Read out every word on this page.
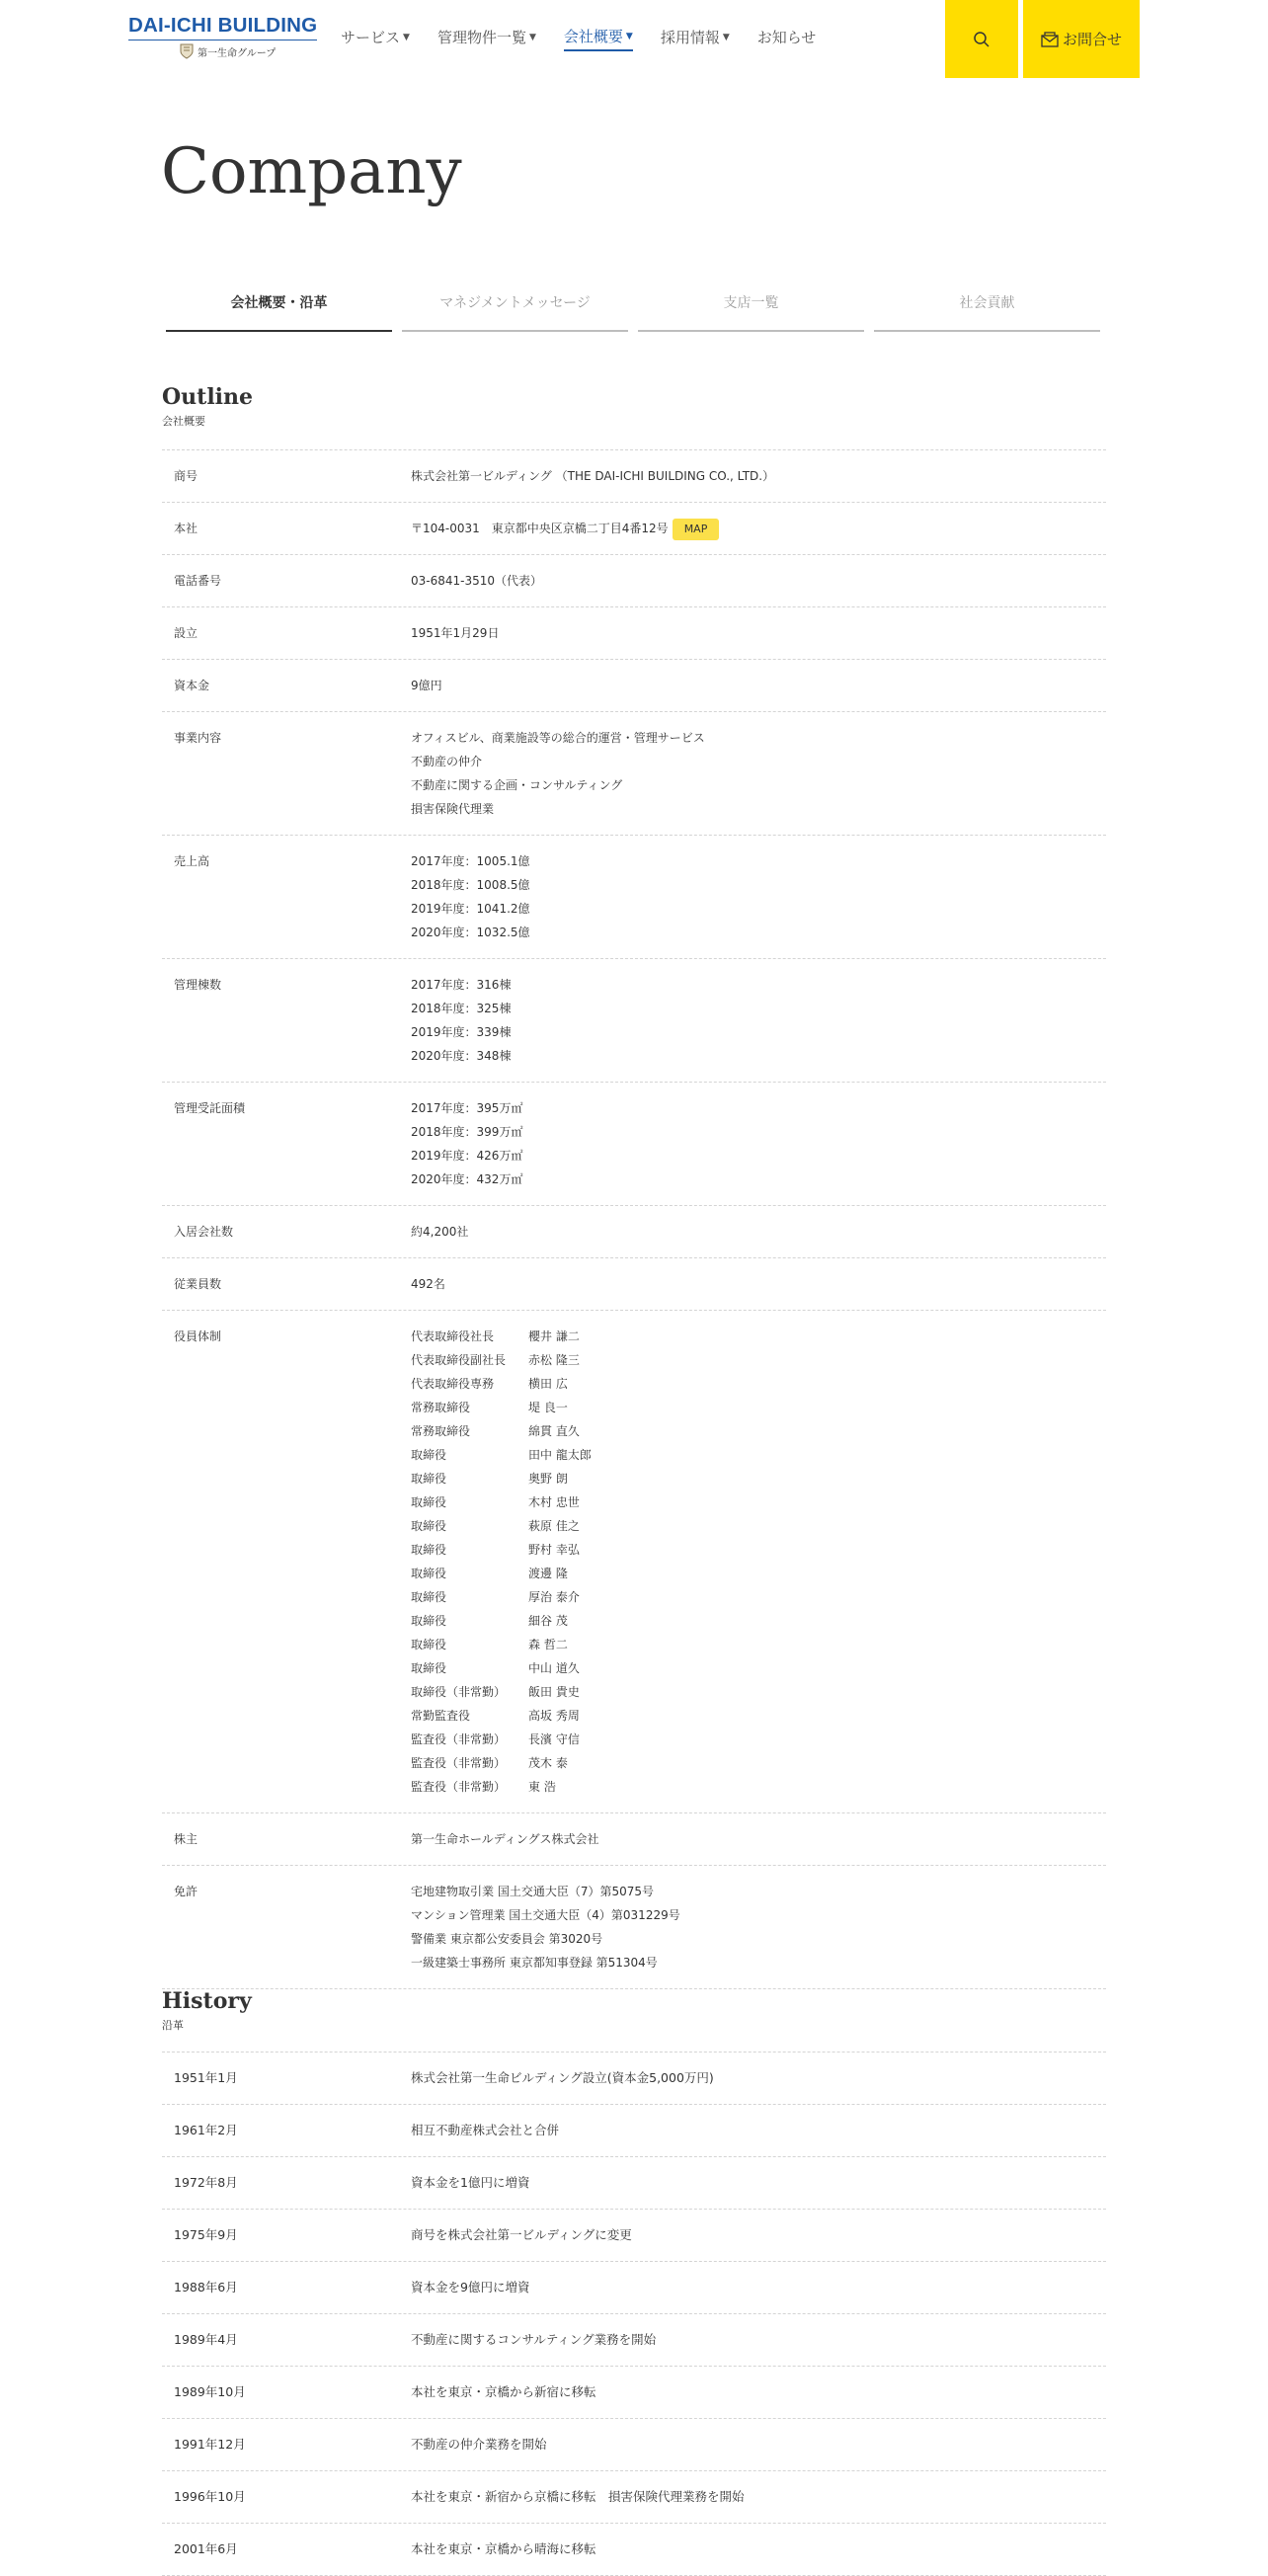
DAI-ICHI BUILDING
第一生命グループ
サービス ▼ 管理物件一覧 ▼ 会社概要 ▼ 採用情報 ▼ お知らせ	お問合せ
Company
会社概要・沿革	マネジメントメッセージ	支店一覧	社会貢献
Outline
会社概要
商号	株式会社第一ビルディング （THE DAI-ICHI BUILDING CO., LTD.）
本社	〒104-0031　東京都中央区京橋二丁目4番12号 MAP
電話番号	03-6841-3510（代表）
設立	1951年1月29日
資本金	9億円
事業内容	オフィスビル、商業施設等の総合的運営・管理サービス
不動産の仲介
不動産に関する企画・コンサルティング
損害保険代理業
売上高	2017年度：1005.1億
2018年度：1008.5億
2019年度：1041.2億
2020年度：1032.5億
管理棟数	2017年度：316棟
2018年度：325棟
2019年度：339棟
2020年度：348棟
管理受託面積	2017年度：395万㎡
2018年度：399万㎡
2019年度：426万㎡
2020年度：432万㎡
入居会社数	約4,200社
従業員数	492名
役員体制	代表取締役社長	櫻井 謙二
代表取締役副社長	赤松 隆三
代表取締役専務	横田 広
常務取締役	堤 良一
常務取締役	綿貫 直久
取締役	田中 龍太郎
取締役	奥野 朗
取締役	木村 忠世
取締役	萩原 佳之
取締役	野村 幸弘
取締役	渡邊 隆
取締役	厚治 泰介
取締役	細谷 茂
取締役	森 哲二
取締役	中山 道久
取締役（非常勤）	飯田 貴史
常勤監査役	高坂 秀周
監査役（非常勤）	長濱 守信
監査役（非常勤）	茂木 泰
監査役（非常勤）	東 浩
株主	第一生命ホールディングス株式会社
免許	宅地建物取引業 国土交通大臣（7）第5075号
マンション管理業 国土交通大臣（4）第031229号
警備業 東京都公安委員会 第3020号
一級建築士事務所 東京都知事登録 第51304号
History
沿革
1951年1月	株式会社第一生命ビルディング設立(資本金5,000万円)
1961年2月	相互不動産株式会社と合併
1972年8月	資本金を1億円に増資
1975年9月	商号を株式会社第一ビルディングに変更
1988年6月	資本金を9億円に増資
1989年4月	不動産に関するコンサルティング業務を開始
1989年10月	本社を東京・京橋から新宿に移転
1991年12月	不動産の仲介業務を開始
1996年10月	本社を東京・新宿から京橋に移転　損害保険代理業務を開始
2001年6月	本社を東京・京橋から晴海に移転
